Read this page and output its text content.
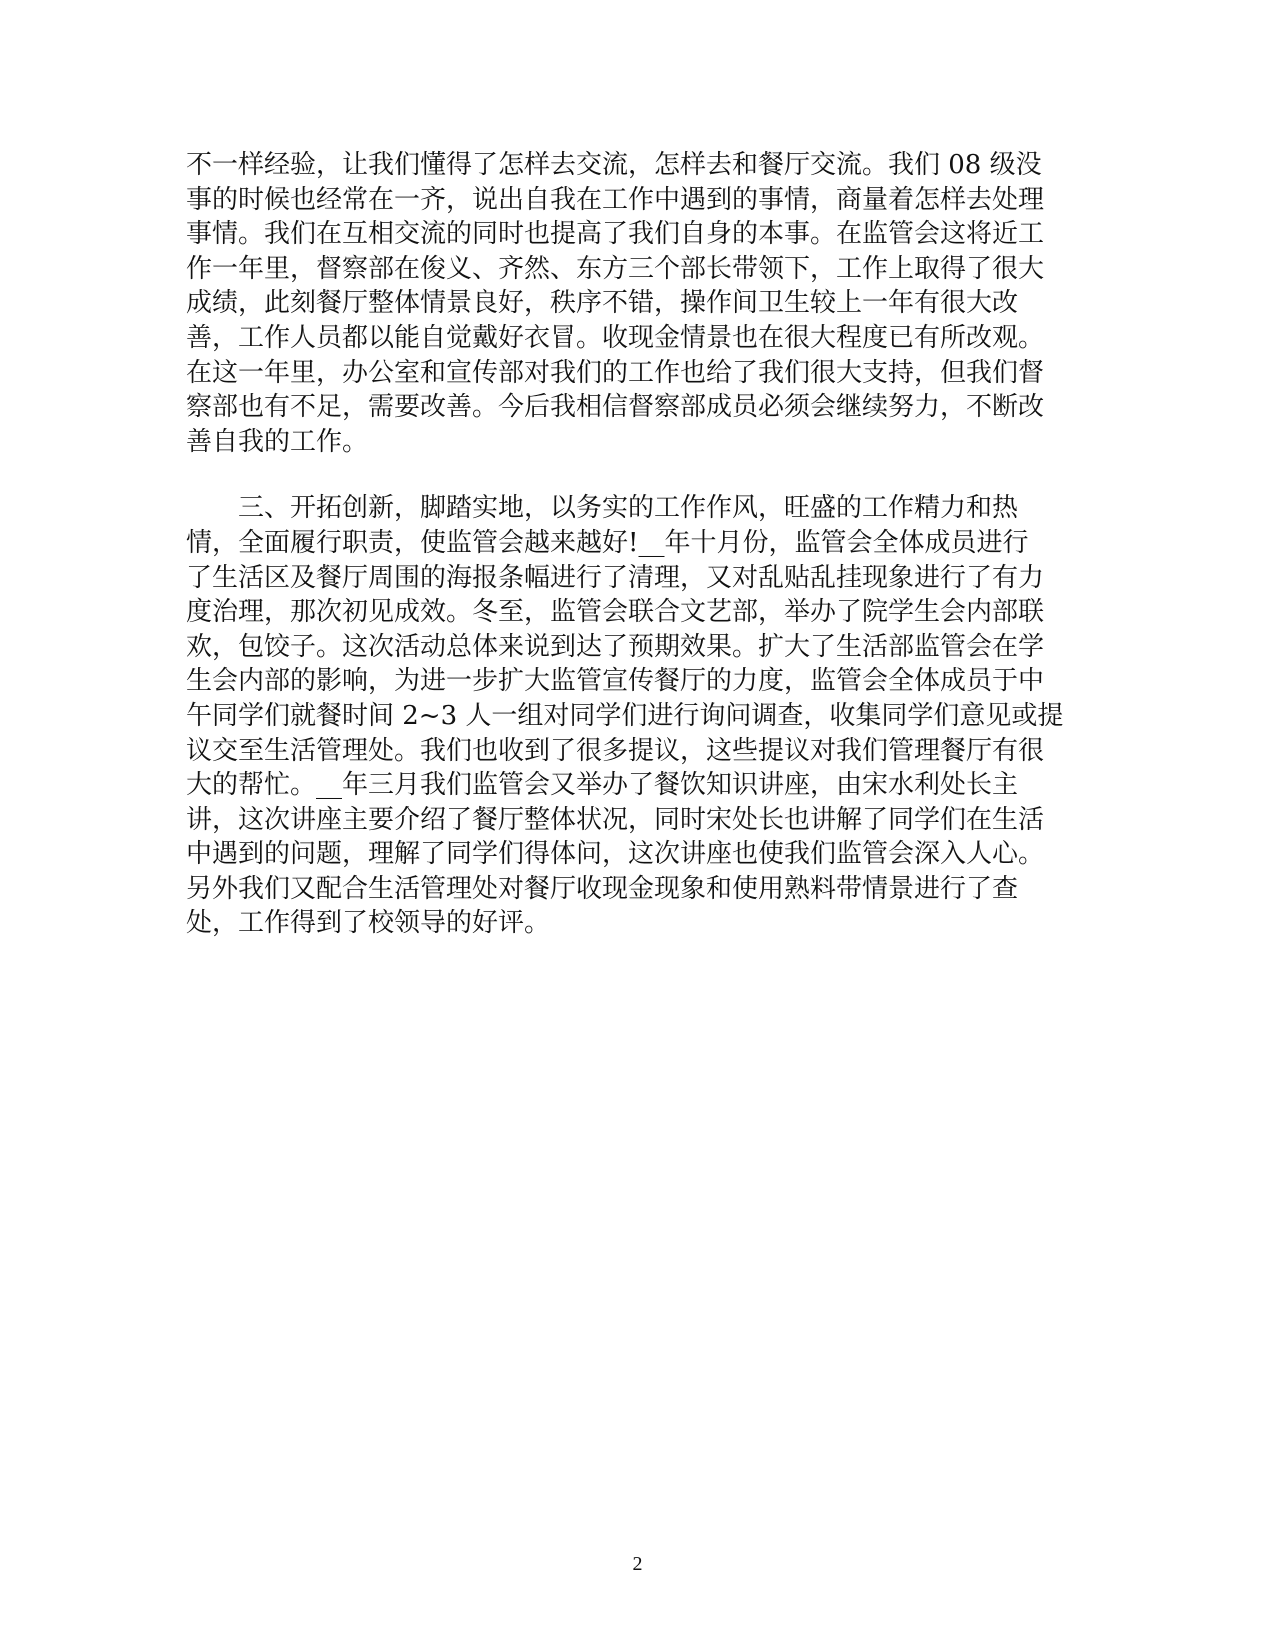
不一样经验，让我们懂得了怎样去交流，怎样去和餐厅交流。我们 08 级没
事的时候也经常在一齐，说出自我在工作中遇到的事情，商量着怎样去处理
事情。我们在互相交流的同时也提高了我们自身的本事。在监管会这将近工
作一年里，督察部在俊义、齐然、东方三个部长带领下，工作上取得了很大
成绩，此刻餐厅整体情景良好，秩序不错，操作间卫生较上一年有很大改
善，工作人员都以能自觉戴好衣冒。收现金情景也在很大程度已有所改观。
在这一年里，办公室和宣传部对我们的工作也给了我们很大支持，但我们督
察部也有不足，需要改善。今后我相信督察部成员必须会继续努力，不断改
善自我的工作。

三、开拓创新，脚踏实地，以务实的工作作风，旺盛的工作精力和热
情，全面履行职责，使监管会越来越好!__年十月份，监管会全体成员进行
了生活区及餐厅周围的海报条幅进行了清理，又对乱贴乱挂现象进行了有力
度治理，那次初见成效。冬至，监管会联合文艺部，举办了院学生会内部联
欢，包饺子。这次活动总体来说到达了预期效果。扩大了生活部监管会在学
生会内部的影响，为进一步扩大监管宣传餐厅的力度，监管会全体成员于中
午同学们就餐时间 2~3 人一组对同学们进行询问调查，收集同学们意见或提
议交至生活管理处。我们也收到了很多提议，这些提议对我们管理餐厅有很
大的帮忙。__年三月我们监管会又举办了餐饮知识讲座，由宋水利处长主
讲，这次讲座主要介绍了餐厅整体状况，同时宋处长也讲解了同学们在生活
中遇到的问题，理解了同学们得体问，这次讲座也使我们监管会深入人心。
另外我们又配合生活管理处对餐厅收现金现象和使用熟料带情景进行了查
处，工作得到了校领导的好评。

2
